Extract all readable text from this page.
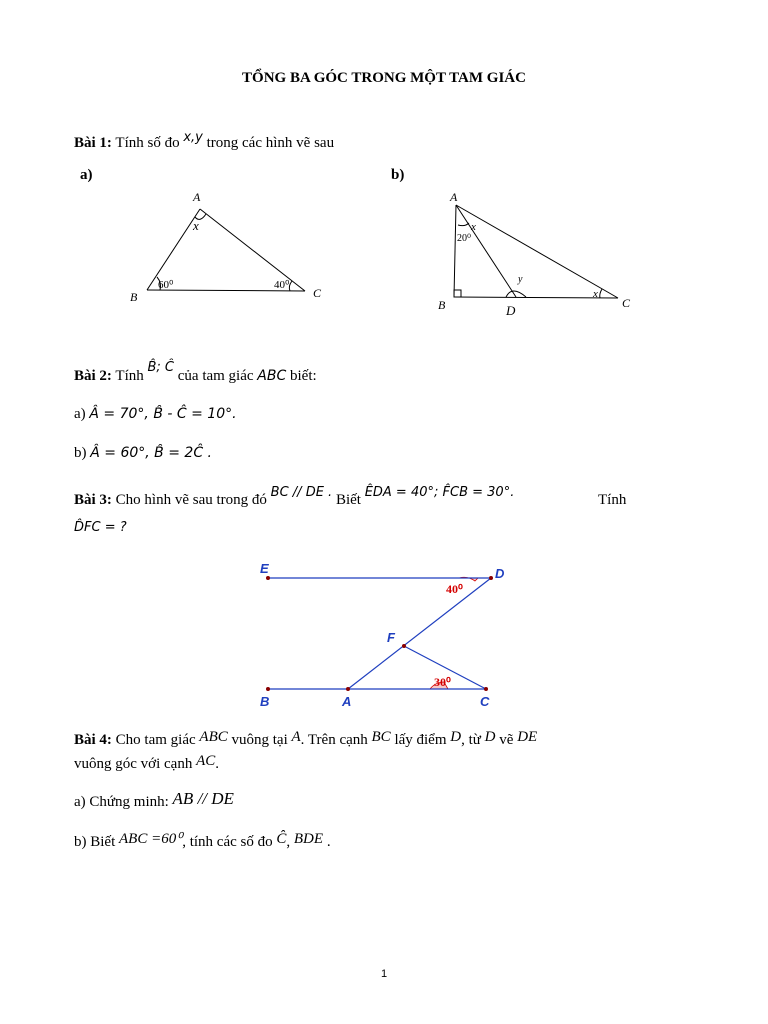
TỔNG BA GÓC TRONG MỘT TAM GIÁC
Bài 1: Tính số đo x,y trong các hình vẽ sau
a)	b)
A
x
B	C
60⁰	40⁰
A
x
20⁰
y
x
B	D	C
Bài 2: Tính B̂; Ĉ của tam giác ABC biết:
a) Â = 70°, B̂ - Ĉ = 10°.
b) Â = 60°, B̂ = 2Ĉ .
Bài 3: Cho hình vẽ sau trong đó BC // DE . Biết ÊDA = 40°; F̂CB = 30°.	Tính
D̂FC = ?
E	D
F
B	A	C
40⁰
30⁰
Bài 4: Cho tam giác ABC vuông tại A. Trên cạnh BC lấy điểm D, từ D vẽ DE
vuông góc với cạnh AC.
a) Chứng minh: AB // DE
b) Biết ABC =60⁰, tính các số đo Ĉ, BDE .
1
